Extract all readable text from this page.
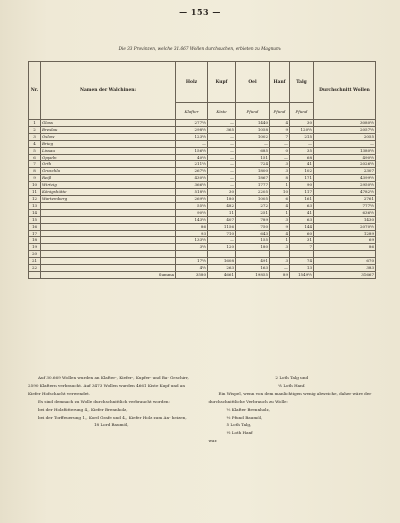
— 153 —
Die 33 Provinzen, welche 31.667 Wollen durchsuchen, erbieten zu Magnum:
Nr.	Namen der Walchinen:	Holz	Kupf	Oel	Hanf	Talg	Durchschnitt Wollen
		Klafter	Kiste	Pfund	Pfund	Pfund	
1	Gloss	277½	—	1440	4	30	3080½
2	Breslau	298½	365	1058	9	120½	2057½
3	Oslow	123½	—	1002	7	215	2055
4	Brieg	—	—	—	—	—	—
5	Lissau	156½	—	685	0	35	1380½
6	Oppeln	40½	—	151	—	68	490½
7	Orth	211½	—	724	3	41	2026½
8	Groschla	267½	—	1800	3	102	2307
9	Reiß	430½	—	1867	8	171	4399½
10	Wirtzig	366½	—	1777	1	90	2950½
11	Königshütte	518½	30	2205	10	117	4782½
12	Wartemberg	269½	180	1005	6	161	2761
13		55½	482	272	4	63	777½
14		90½	11	251	1	41	636½
15		143½	407	789	3	63	1430
16		86	1156	750	9	144	2070½
17		93	710	643	4	60	1289
18		133½	—	155	1	31	69
19		3½	120	180	3	7	86
20							
21		17½	1608	491	3	74	670
22		4½	263	163	—	13	383
	Summa	3580	4661	19855	89	1549½	31667

Auf 30.669 Wollen wurden an Klafter-, Kiefer-, Kupfer- und Ba- Geschirr, 2590 Klaftern verbraucht. Auf 3473 Wollen wurden 4661 Kiste Kupf und an Kiefer Hofschacht verwendet.

Es sind demnach zu Wolle durchschnittlich verbraucht worden:

bei der Holzfütterung 4,, Kiefer Brennholz,

bei der Torffeuerung 1,, Kord Grafe und 4,, Kiefer Holz zum An- heizen,

18 Lord Baumöl,
2 Loth Talg und
⅛ Loth Hanf.

Ein Wispel, wenn von dem manlichtigen wenig abweiche, daher wäre der durchschnittliche Verbrauch zu Wolle:

⅖ Klafter Brennholz,
⅔ Pfund Baumöl,
5 Loth Talg,
⅓ Loth Hanf
war.
